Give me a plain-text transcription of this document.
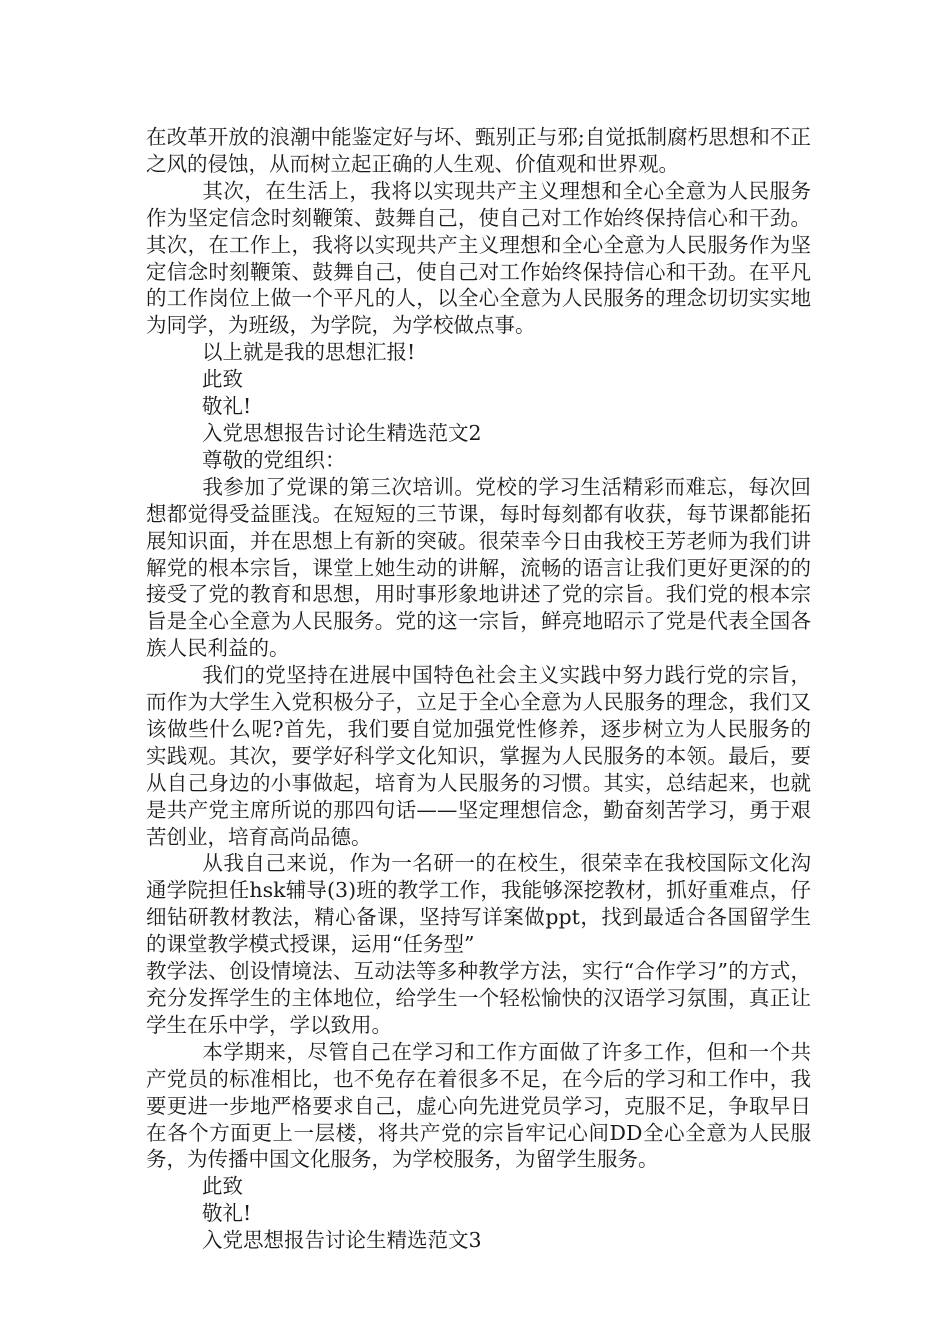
在改革开放的浪潮中能鉴定好与坏、甄别正与邪;自觉抵制腐朽思想和不正之风的侵蚀，从而树立起正确的人生观、价值观和世界观。

其次，在生活上，我将以实现共产主义理想和全心全意为人民服务作为坚定信念时刻鞭策、鼓舞自己，使自己对工作始终保持信心和干劲。其次，在工作上，我将以实现共产主义理想和全心全意为人民服务作为坚定信念时刻鞭策、鼓舞自己，使自己对工作始终保持信心和干劲。在平凡的工作岗位上做一个平凡的人，以全心全意为人民服务的理念切切实实地为同学，为班级，为学院，为学校做点事。

以上就是我的思想汇报!

此致

敬礼!

入党思想报告讨论生精选范文2

尊敬的党组织：

我参加了党课的第三次培训。党校的学习生活精彩而难忘，每次回想都觉得受益匪浅。在短短的三节课，每时每刻都有收获，每节课都能拓展知识面，并在思想上有新的突破。很荣幸今日由我校王芳老师为我们讲解党的根本宗旨，课堂上她生动的讲解，流畅的语言让我们更好更深的的接受了党的教育和思想，用时事形象地讲述了党的宗旨。我们党的根本宗旨是全心全意为人民服务。党的这一宗旨，鲜亮地昭示了党是代表全国各族人民利益的。

我们的党坚持在进展中国特色社会主义实践中努力践行党的宗旨，而作为大学生入党积极分子，立足于全心全意为人民服务的理念，我们又该做些什么呢?首先，我们要自觉加强党性修养，逐步树立为人民服务的实践观。其次，要学好科学文化知识，掌握为人民服务的本领。最后，要从自己身边的小事做起，培育为人民服务的习惯。其实，总结起来，也就是共产党主席所说的那四句话——坚定理想信念，勤奋刻苦学习，勇于艰苦创业，培育高尚品德。

从我自己来说，作为一名研一的在校生，很荣幸在我校国际文化沟通学院担任hsk辅导(3)班的教学工作，我能够深挖教材，抓好重难点，仔细钻研教材教法，精心备课，坚持写详案做ppt，找到最适合各国留学生的课堂教学模式授课，运用“任务型”

教学法、创设情境法、互动法等多种教学方法，实行“合作学习”的方式，充分发挥学生的主体地位，给学生一个轻松愉快的汉语学习氛围，真正让学生在乐中学，学以致用。

本学期来，尽管自己在学习和工作方面做了许多工作，但和一个共产党员的标准相比，也不免存在着很多不足，在今后的学习和工作中，我要更进一步地严格要求自己，虚心向先进党员学习，克服不足，争取早日在各个方面更上一层楼，将共产党的宗旨牢记心间DD全心全意为人民服务，为传播中国文化服务，为学校服务，为留学生服务。

此致

敬礼!

入党思想报告讨论生精选范文3
